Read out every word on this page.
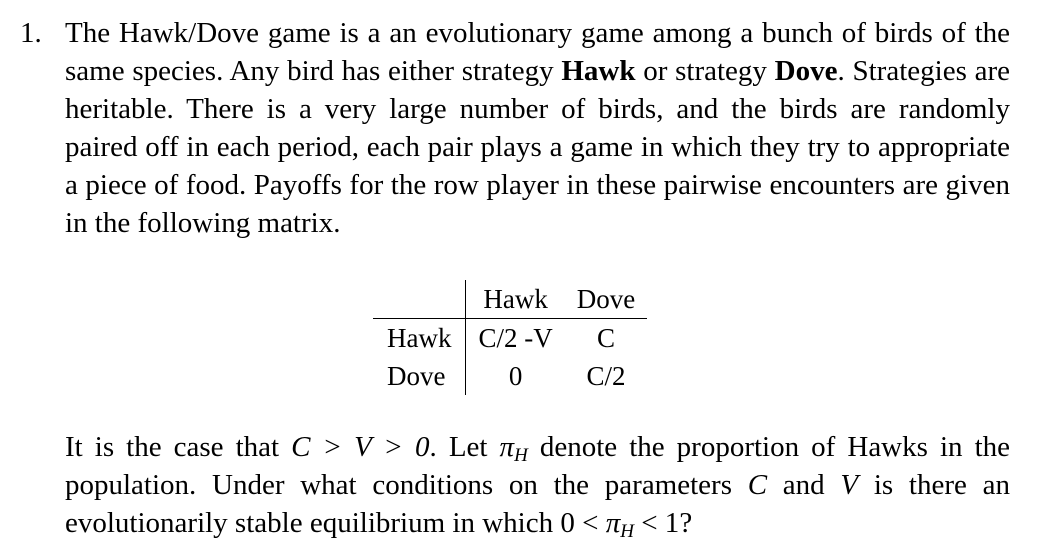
1. The Hawk/Dove game is a an evolutionary game among a bunch of birds of the same species. Any bird has either strategy Hawk or strategy Dove. Strategies are heritable. There is a very large number of birds, and the birds are randomly paired off in each period, each pair plays a game in which they try to appropriate a piece of food. Payoffs for the row player in these pairwise encounters are given in the following matrix.
	Hawk	Dove
Hawk	C/2 -V	C
Dove	0	C/2
It is the case that C > V > 0. Let $\pi_H$ denote the proportion of Hawks in the population. Under what conditions on the parameters C and V is there an evolutionarily stable equilibrium in which $0 < \pi_H < 1$?
